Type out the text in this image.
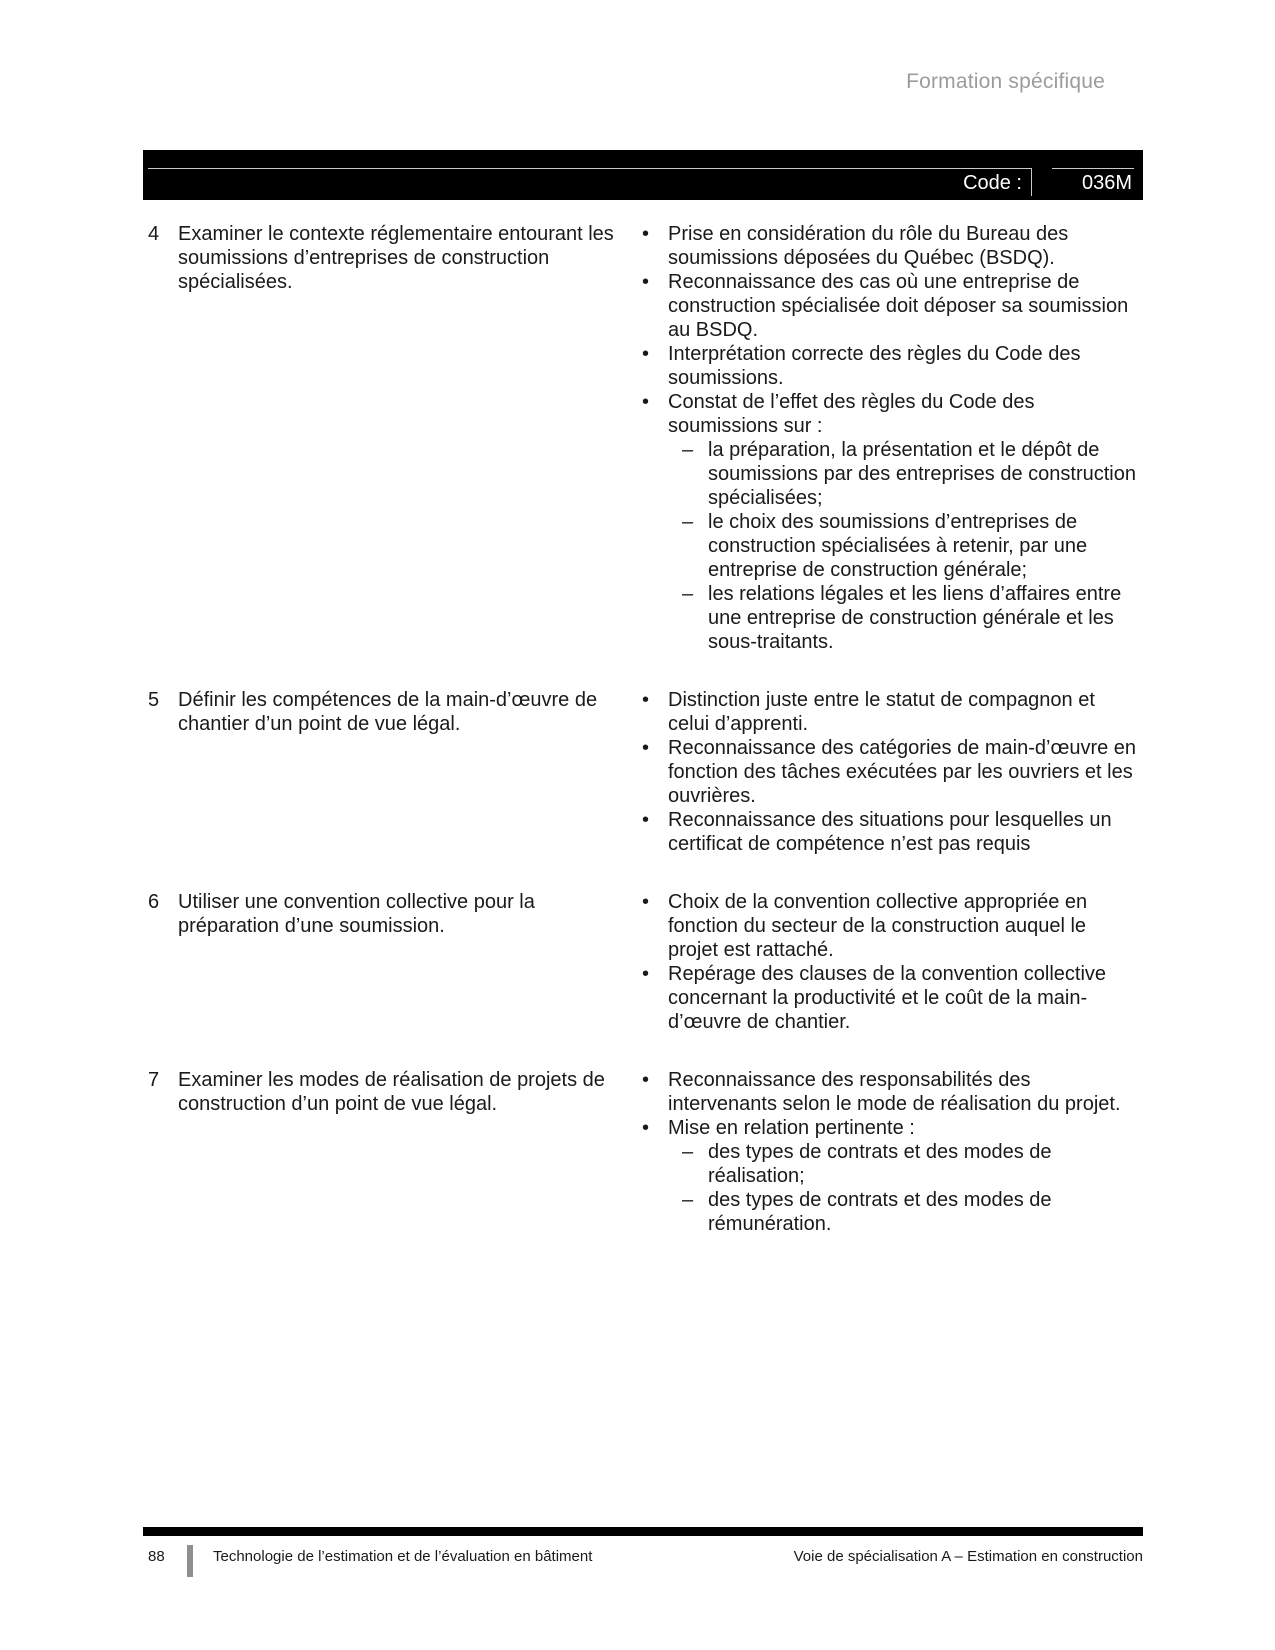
Formation spécifique
Code :	036M
4 Examiner le contexte réglementaire entourant les soumissions d’entreprises de construction spécialisées.
• Prise en considération du rôle du Bureau des soumissions déposées du Québec (BSDQ).
• Reconnaissance des cas où une entreprise de construction spécialisée doit déposer sa soumission au BSDQ.
• Interprétation correcte des règles du Code des soumissions.
• Constat de l’effet des règles du Code des soumissions sur :
– la préparation, la présentation et le dépôt de soumissions par des entreprises de construction spécialisées;
– le choix des soumissions d’entreprises de construction spécialisées à retenir, par une entreprise de construction générale;
– les relations légales et les liens d’affaires entre une entreprise de construction générale et les sous-traitants.
5 Définir les compétences de la main-d’œuvre de chantier d’un point de vue légal.
• Distinction juste entre le statut de compagnon et celui d’apprenti.
• Reconnaissance des catégories de main-d’œuvre en fonction des tâches exécutées par les ouvriers et les ouvrières.
• Reconnaissance des situations pour lesquelles un certificat de compétence n’est pas requis
6 Utiliser une convention collective pour la préparation d’une soumission.
• Choix de la convention collective appropriée en fonction du secteur de la construction auquel le projet est rattaché.
• Repérage des clauses de la convention collective concernant la productivité et le coût de la main-d’œuvre de chantier.
7 Examiner les modes de réalisation de projets de construction d’un point de vue légal.
• Reconnaissance des responsabilités des intervenants selon le mode de réalisation du projet.
• Mise en relation pertinente :
– des types de contrats et des modes de réalisation;
– des types de contrats et des modes de rémunération.
88	Technologie de l’estimation et de l’évaluation en bâtiment	Voie de spécialisation A – Estimation en construction
